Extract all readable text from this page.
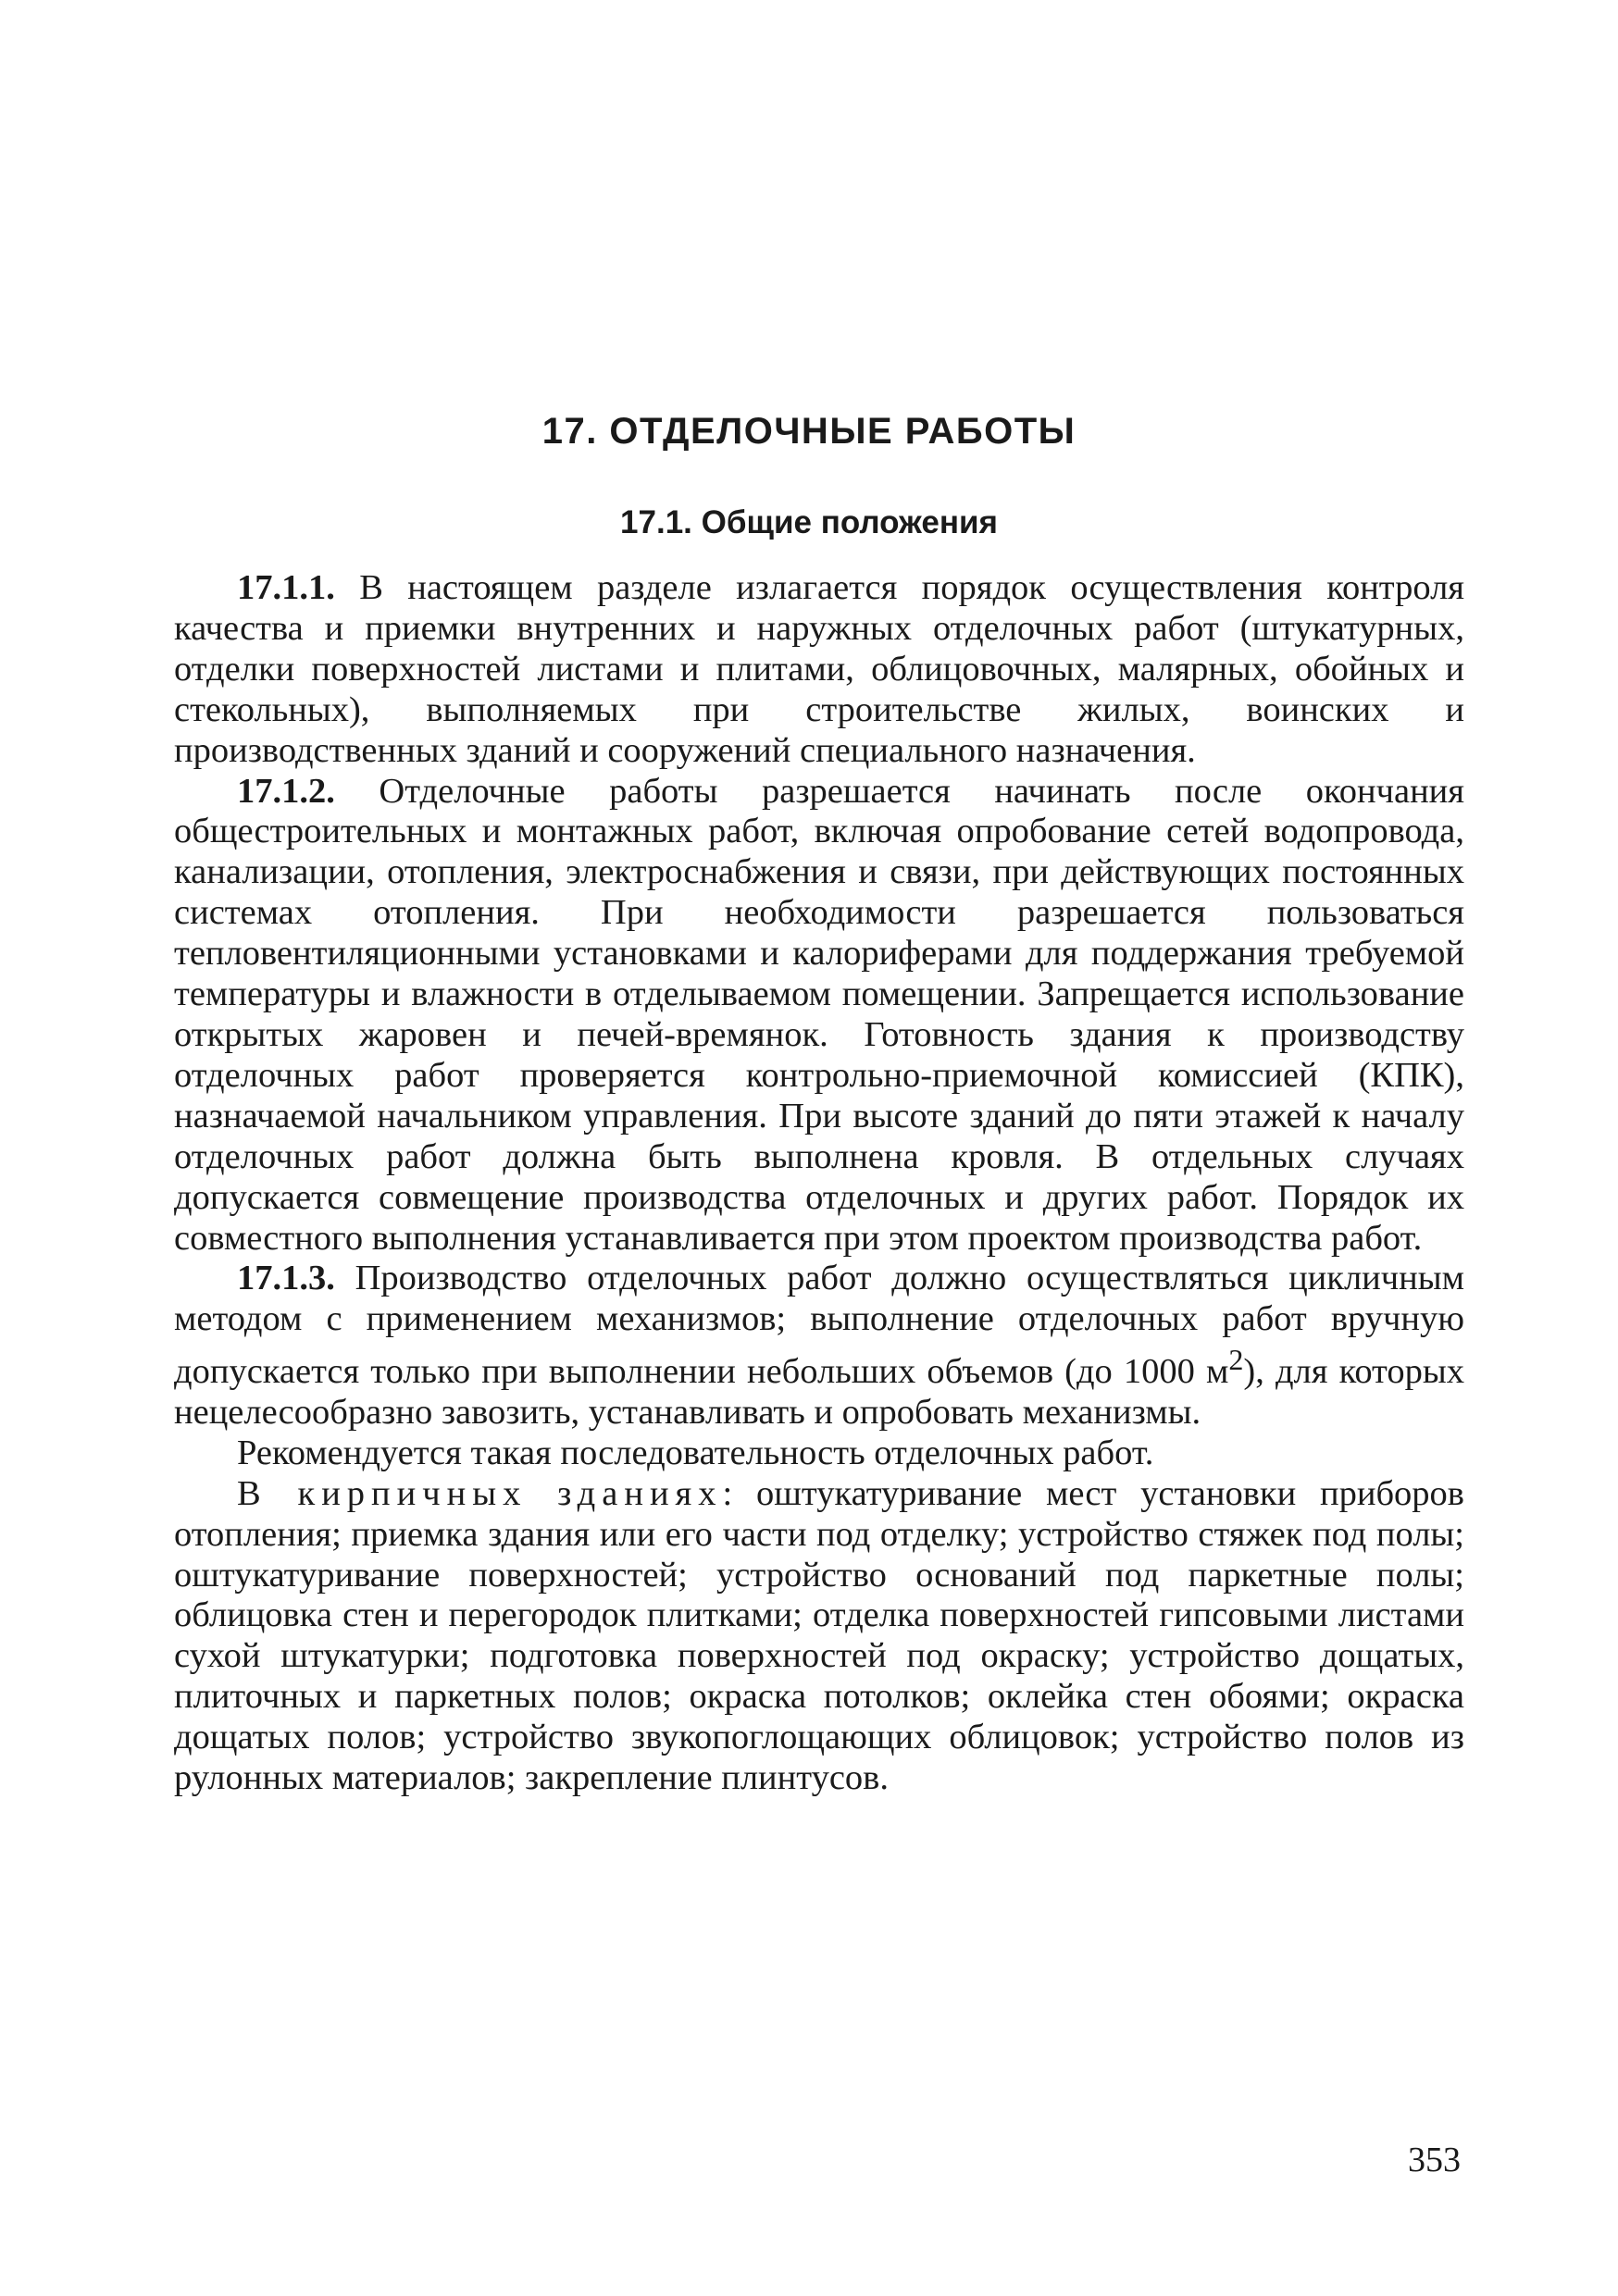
17. ОТДЕЛОЧНЫЕ РАБОТЫ
17.1. Общие положения

17.1.1. В настоящем разделе излагается порядок осуществления контроля качества и приемки внутренних и наружных отделочных работ (штукатурных, отделки поверхностей листами и плитами, облицовочных, малярных, обойных и стекольных), выполняемых при строительстве жилых, воинских и производственных зданий и сооружений специального назначения.

17.1.2. Отделочные работы разрешается начинать после окончания общестроительных и монтажных работ, включая опробование сетей водопровода, канализации, отопления, электроснабжения и связи, при действующих постоянных системах отопления. При необходимости разрешается пользоваться тепловентиляционными установками и калориферами для поддержания требуемой температуры и влажности в отделываемом помещении. Запрещается использование открытых жаровен и печей-времянок. Готовность здания к производству отделочных работ проверяется контрольно-приемочной комиссией (КПК), назначаемой начальником управления. При высоте зданий до пяти этажей к началу отделочных работ должна быть выполнена кровля. В отдельных случаях допускается совмещение производства отделочных и других работ. Порядок их совместного выполнения устанавливается при этом проектом производства работ.

17.1.3. Производство отделочных работ должно осуществляться цикличным методом с применением механизмов; выполнение отделочных работ вручную допускается только при выполнении небольших объемов (до 1000 $м^2$), для которых нецелесообразно завозить, устанавливать и опробовать механизмы.

Рекомендуется такая последовательность отделочных работ.

В кирпичных зданиях: оштукатуривание мест установки приборов отопления; приемка здания или его части под отделку; устройство стяжек под полы; оштукатуривание поверхностей; устройство оснований под паркетные полы; облицовка стен и перегородок плитками; отделка поверхностей гипсовыми листами сухой штукатурки; подготовка поверхностей под окраску; устройство дощатых, плиточных и паркетных полов; окраска потолков; оклейка стен обоями; окраска дощатых полов; устройство звукопоглощающих облицовок; устройство полов из рулонных материалов; закрепление плинтусов.

353
